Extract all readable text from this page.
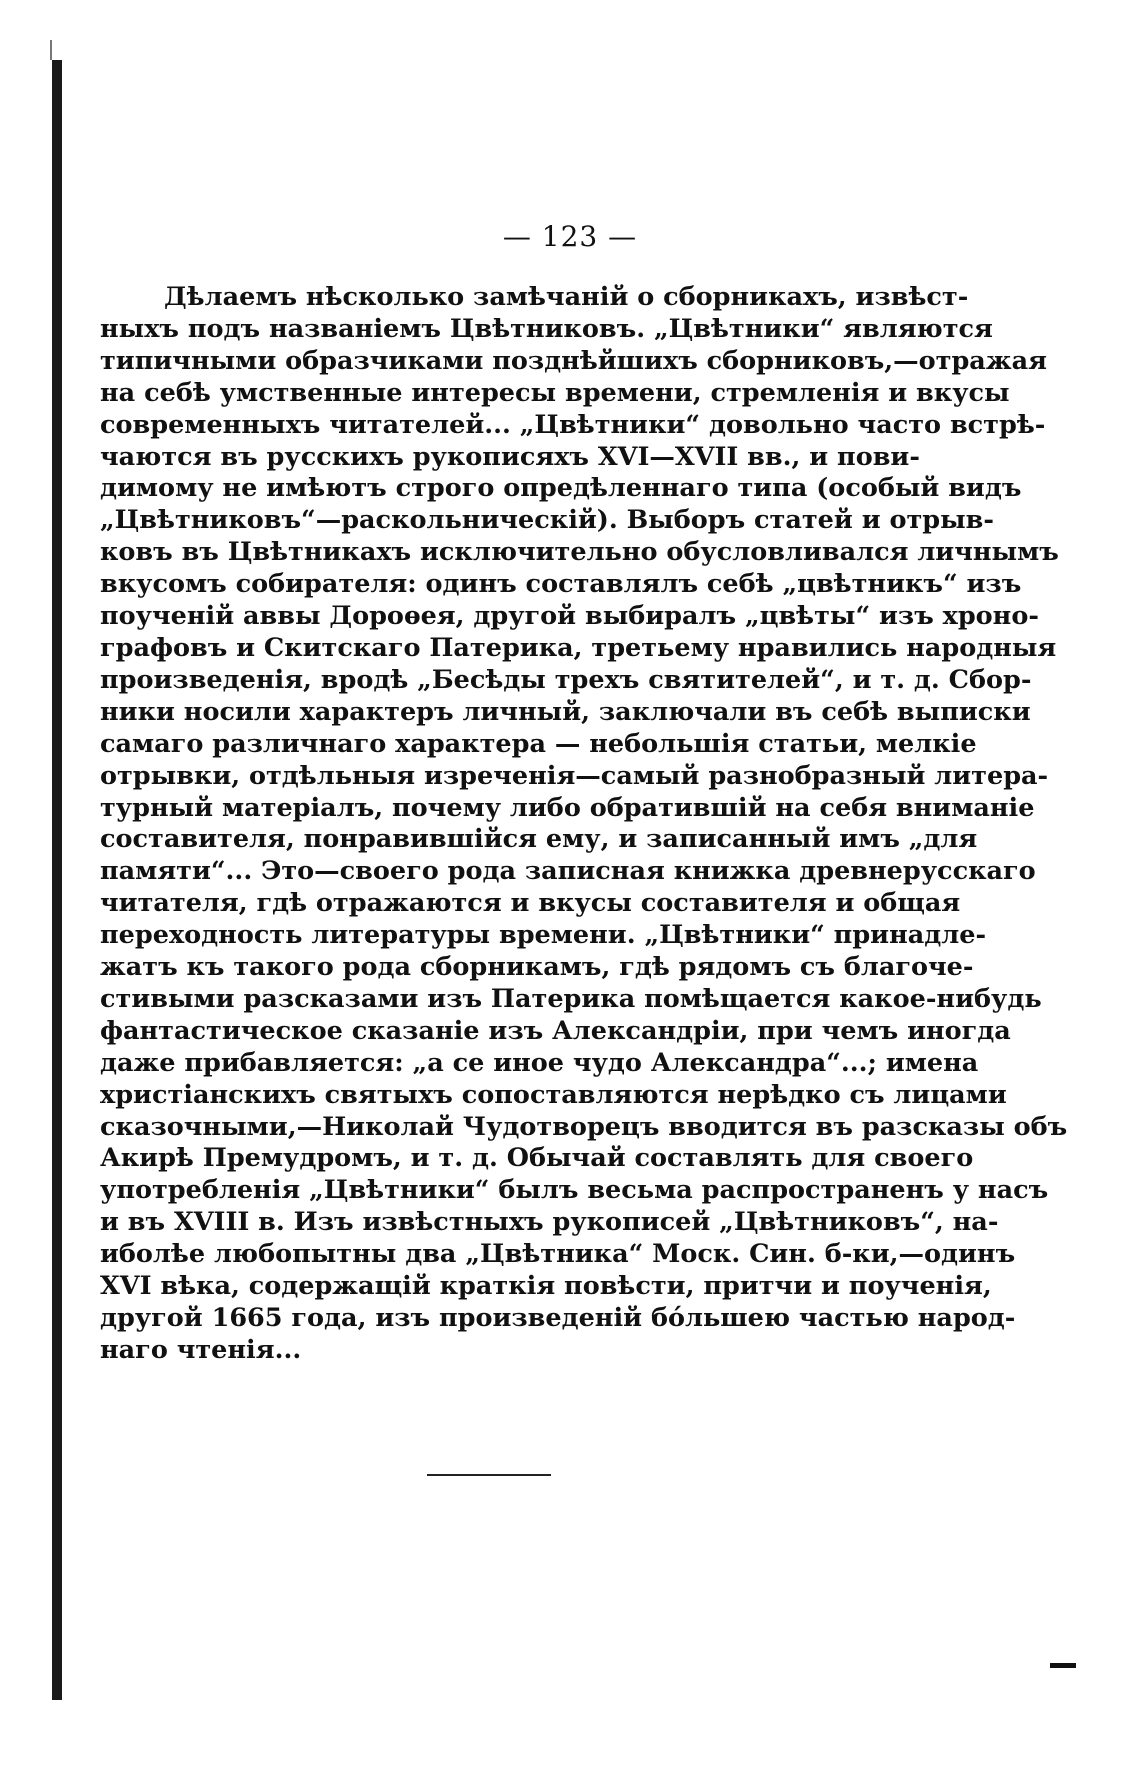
— 123 —
Дѣлаемъ нѣсколько замѣчаній о сборникахъ, извѣст-
ныхъ подъ названіемъ Цвѣтниковъ. „Цвѣтники“ являются
типичными образчиками позднѣйшихъ сборниковъ,—отражая
на себѣ умственные интересы времени, стремленія и вкусы
современныхъ читателей... „Цвѣтники“ довольно часто встрѣ-
чаются въ русскихъ рукописяхъ XVI—XVII вв., и пови-
димому не имѣютъ строго опредѣленнаго типа (особый видъ
„Цвѣтниковъ“—раскольническій). Выборъ статей и отрыв-
ковъ въ Цвѣтникахъ исключительно обусловливался личнымъ
вкусомъ собирателя: одинъ составлялъ себѣ „цвѣтникъ“ изъ
поученій аввы Дороѳея, другой выбиралъ „цвѣты“ изъ хроно-
графовъ и Скитскаго Патерика, третьему нравились народныя
произведенія, вродѣ „Бесѣды трехъ святителей“, и т. д. Сбор-
ники носили характеръ личный, заключали въ себѣ выписки
самаго различнаго характера — небольшія статьи, мелкіе
отрывки, отдѣльныя изреченія—самый разнобразный литера-
турный матеріалъ, почему либо обратившій на себя вниманіе
составителя, понравившійся ему, и записанный имъ „для
памяти“... Это—своего рода записная книжка древнерусскаго
читателя, гдѣ отражаются и вкусы составителя и общая
переходность литературы времени. „Цвѣтники“ принадле-
жатъ къ такого рода сборникамъ, гдѣ рядомъ съ благоче-
стивыми разсказами изъ Патерика помѣщается какое-нибудь
фантастическое сказаніе изъ Александріи, при чемъ иногда
даже прибавляется: „а се иное чудо Александра“...; имена
христіанскихъ святыхъ сопоставляются нерѣдко съ лицами
сказочными,—Николай Чудотворецъ вводится въ разсказы объ
Акирѣ Премудромъ, и т. д. Обычай составлять для своего
употребленія „Цвѣтники“ былъ весьма распространенъ у насъ
и въ XVIII в. Изъ извѣстныхъ рукописей „Цвѣтниковъ“, на-
иболѣе любопытны два „Цвѣтника“ Моск. Син. б-ки,—одинъ
XVI вѣка, содержащій краткія повѣсти, притчи и поученія,
другой 1665 года, изъ произведеній бо́льшею частью народ-
наго чтенія...
